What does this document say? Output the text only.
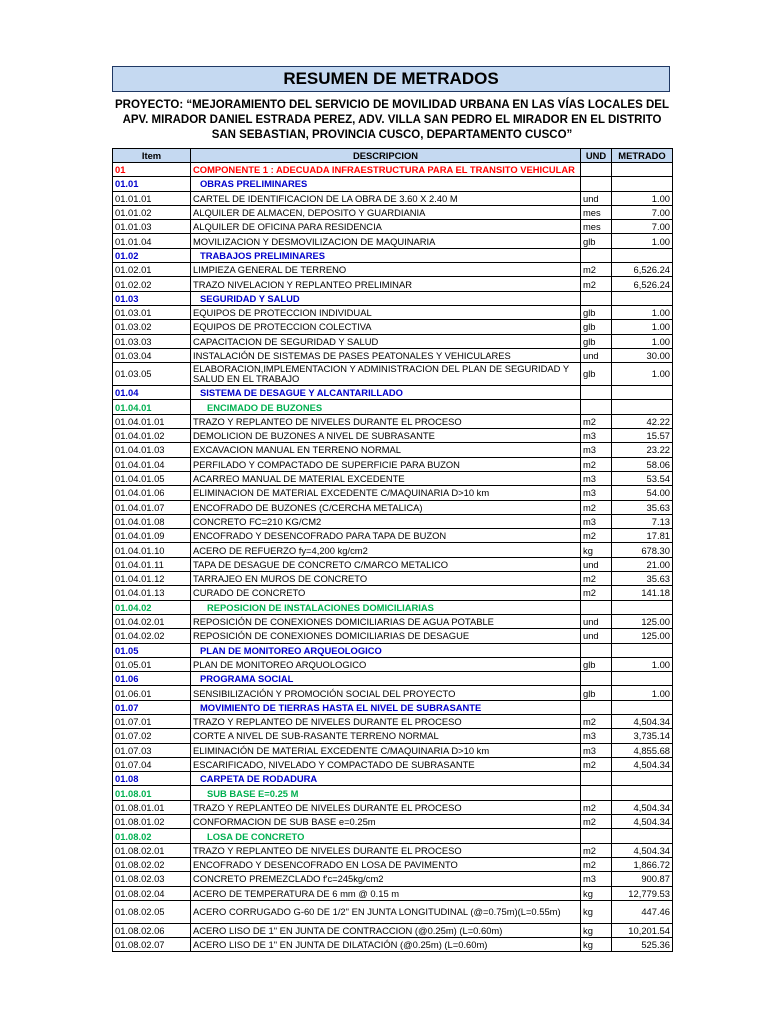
RESUMEN DE METRADOS
PROYECTO: “MEJORAMIENTO DEL SERVICIO DE MOVILIDAD URBANA EN LAS VÍAS LOCALES DEL APV. MIRADOR DANIEL ESTRADA PEREZ, ADV. VILLA SAN PEDRO EL MIRADOR EN EL DISTRITO SAN SEBASTIAN, PROVINCIA CUSCO, DEPARTAMENTO CUSCO”
Item	DESCRIPCION	UND	METRADO
01	COMPONENTE 1 : ADECUADA INFRAESTRUCTURA PARA EL TRANSITO VEHICULAR		
01.01	OBRAS PRELIMINARES		
01.01.01	CARTEL DE IDENTIFICACION DE LA OBRA DE 3.60 X 2.40 M	und	1.00
01.01.02	ALQUILER DE ALMACEN, DEPOSITO Y GUARDIANIA	mes	7.00
01.01.03	ALQUILER DE OFICINA PARA RESIDENCIA	mes	7.00
01.01.04	MOVILIZACION Y DESMOVILIZACION DE MAQUINARIA	glb	1.00
01.02	TRABAJOS PRELIMINARES		
01.02.01	LIMPIEZA GENERAL DE TERRENO	m2	6,526.24
01.02.02	TRAZO NIVELACION Y REPLANTEO PRELIMINAR	m2	6,526.24
01.03	SEGURIDAD Y SALUD		
01.03.01	EQUIPOS DE PROTECCION INDIVIDUAL	glb	1.00
01.03.02	EQUIPOS DE PROTECCION COLECTIVA	glb	1.00
01.03.03	CAPACITACION DE SEGURIDAD Y SALUD	glb	1.00
01.03.04	INSTALACIÓN DE SISTEMAS DE PASES PEATONALES Y VEHICULARES	und	30.00
01.03.05	ELABORACION,IMPLEMENTACION Y ADMINISTRACION DEL PLAN DE SEGURIDAD Y SALUD EN EL TRABAJO	glb	1.00
01.04	SISTEMA DE DESAGUE Y ALCANTARILLADO		
01.04.01	ENCIMADO DE BUZONES		
01.04.01.01	TRAZO Y REPLANTEO DE NIVELES DURANTE EL PROCESO	m2	42.22
01.04.01.02	DEMOLICION DE BUZONES A NIVEL DE SUBRASANTE	m3	15.57
01.04.01.03	EXCAVACION MANUAL EN TERRENO NORMAL	m3	23.22
01.04.01.04	PERFILADO Y COMPACTADO DE SUPERFICIE PARA BUZON	m2	58.06
01.04.01.05	ACARREO MANUAL DE MATERIAL EXCEDENTE	m3	53.54
01.04.01.06	ELIMINACION DE MATERIAL EXCEDENTE C/MAQUINARIA D>10 km	m3	54.00
01.04.01.07	ENCOFRADO DE BUZONES (C/CERCHA METALICA)	m2	35.63
01.04.01.08	CONCRETO FC=210 KG/CM2	m3	7.13
01.04.01.09	ENCOFRADO Y DESENCOFRADO PARA TAPA DE BUZON	m2	17.81
01.04.01.10	ACERO DE REFUERZO fy=4,200 kg/cm2	kg	678.30
01.04.01.11	TAPA DE DESAGUE DE CONCRETO C/MARCO METALICO	und	21.00
01.04.01.12	TARRAJEO EN MUROS DE CONCRETO	m2	35.63
01.04.01.13	CURADO DE CONCRETO	m2	141.18
01.04.02	REPOSICION DE INSTALACIONES DOMICILIARIAS		
01.04.02.01	REPOSICIÓN DE CONEXIONES DOMICILIARIAS DE AGUA POTABLE	und	125.00
01.04.02.02	REPOSICIÓN DE CONEXIONES DOMICILIARIAS DE DESAGUE	und	125.00
01.05	PLAN DE MONITOREO ARQUEOLOGICO		
01.05.01	PLAN DE MONITOREO ARQUOLOGICO	glb	1.00
01.06	PROGRAMA SOCIAL		
01.06.01	SENSIBILIZACIÓN Y PROMOCIÓN SOCIAL DEL PROYECTO	glb	1.00
01.07	MOVIMIENTO DE TIERRAS HASTA EL NIVEL DE SUBRASANTE		
01.07.01	TRAZO Y REPLANTEO DE NIVELES DURANTE EL PROCESO	m2	4,504.34
01.07.02	CORTE A NIVEL DE SUB-RASANTE TERRENO NORMAL	m3	3,735.14
01.07.03	ELIMINACIÓN DE MATERIAL EXCEDENTE C/MAQUINARIA D>10 km	m3	4,855.68
01.07.04	ESCARIFICADO, NIVELADO Y COMPACTADO DE SUBRASANTE	m2	4,504.34
01.08	CARPETA DE RODADURA		
01.08.01	SUB BASE E=0.25 M		
01.08.01.01	TRAZO Y REPLANTEO DE NIVELES DURANTE EL PROCESO	m2	4,504.34
01.08.01.02	CONFORMACION DE SUB BASE e=0.25m	m2	4,504.34
01.08.02	LOSA DE CONCRETO		
01.08.02.01	TRAZO Y REPLANTEO DE NIVELES DURANTE EL PROCESO	m2	4,504.34
01.08.02.02	ENCOFRADO Y DESENCOFRADO EN LOSA DE PAVIMENTO	m2	1,866.72
01.08.02.03	CONCRETO PREMEZCLADO f'c=245kg/cm2	m3	900.87
01.08.02.04	ACERO DE TEMPERATURA DE 6 mm @ 0.15 m	kg	12,779.53
01.08.02.05	ACERO CORRUGADO G-60 DE 1/2" EN JUNTA LONGITUDINAL (@=0.75m)(L=0.55m)	kg	447.46
01.08.02.06	ACERO LISO DE 1" EN JUNTA DE CONTRACCION (@0.25m) (L=0.60m)	kg	10,201.54
01.08.02.07	ACERO LISO DE 1" EN JUNTA DE DILATACIÓN (@0.25m) (L=0.60m)	kg	525.36
